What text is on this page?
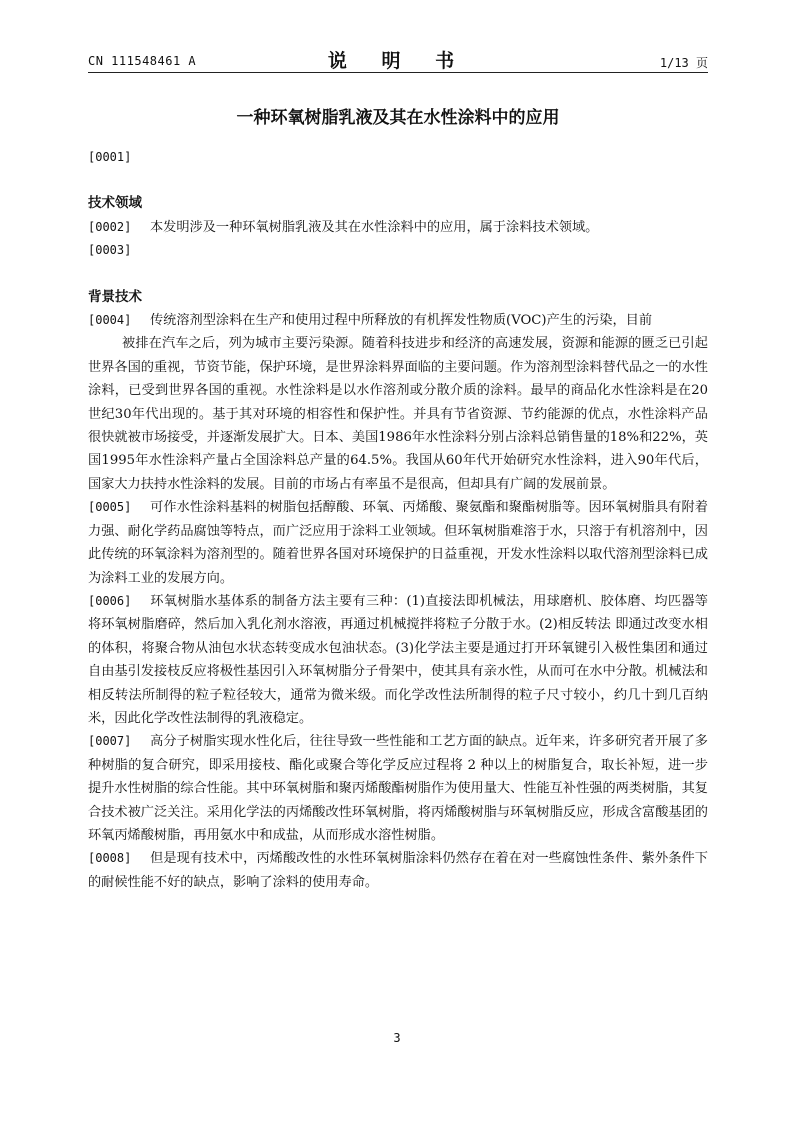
CN 111548461 A	说 明 书	1/13 页
一种环氧树脂乳液及其在水性涂料中的应用
[0001]
技术领域
[0002] 本发明涉及一种环氧树脂乳液及其在水性涂料中的应用，属于涂料技术领域。
[0003]
背景技术
[0004] 传统溶剂型涂料在生产和使用过程中所释放的有机挥发性物质(VOC)产生的污染，目前
被排在汽车之后，列为城市主要污染源。随着科技进步和经济的高速发展，资源和能源的匮乏已引起世界各国的重视，节资节能，保护环境，是世界涂料界面临的主要问题。作为溶剂型涂料替代品之一的水性涂料，已受到世界各国的重视。水性涂料是以水作溶剂或分散介质的涂料。最早的商品化水性涂料是在20世纪30年代出现的。基于其对环境的相容性和保护性。并具有节省资源、节约能源的优点，水性涂料产品很快就被市场接受，并逐渐发展扩大。日本、美国1986年水性涂料分别占涂料总销售量的18%和22%，英国1995年水性涂料产量占全国涂料总产量的64.5%。我国从60年代开始研究水性涂料，进入90年代后，国家大力扶持水性涂料的发展。目前的市场占有率虽不是很高，但却具有广阔的发展前景。
[0005] 可作水性涂料基料的树脂包括醇酸、环氧、丙烯酸、聚氨酯和聚酯树脂等。因环氧树脂具有附着力强、耐化学药品腐蚀等特点，而广泛应用于涂料工业领域。但环氧树脂难溶于水，只溶于有机溶剂中，因此传统的环氧涂料为溶剂型的。随着世界各国对环境保护的日益重视，开发水性涂料以取代溶剂型涂料已成为涂料工业的发展方向。
[0006] 环氧树脂水基体系的制备方法主要有三种：(1)直接法即机械法，用球磨机、胶体磨、均匹器等将环氧树脂磨碎，然后加入乳化剂水溶液，再通过机械搅拌将粒子分散于水。(2)相反转法 即通过改变水相的体积，将聚合物从油包水状态转变成水包油状态。(3)化学法主要是通过打开环氧键引入极性集团和通过自由基引发接枝反应将极性基因引入环氧树脂分子骨架中，使其具有亲水性，从而可在水中分散。机械法和相反转法所制得的粒子粒径较大，通常为微米级。而化学改性法所制得的粒子尺寸较小，约几十到几百纳米，因此化学改性法制得的乳液稳定。
[0007] 高分子树脂实现水性化后，往往导致一些性能和工艺方面的缺点。近年来，许多研究者开展了多种树脂的复合研究，即采用接枝、酯化或聚合等化学反应过程将 2 种以上的树脂复合，取长补短，进一步提升水性树脂的综合性能。其中环氧树脂和聚丙烯酸酯树脂作为使用量大、性能互补性强的两类树脂，其复合技术被广泛关注。采用化学法的丙烯酸改性环氧树脂，将丙烯酸树脂与环氧树脂反应，形成含富酸基团的环氧丙烯酸树脂，再用氨水中和成盐，从而形成水溶性树脂。
[0008] 但是现有技术中，丙烯酸改性的水性环氧树脂涂料仍然存在着在对一些腐蚀性条件、紫外条件下的耐候性能不好的缺点，影响了涂料的使用寿命。
3
